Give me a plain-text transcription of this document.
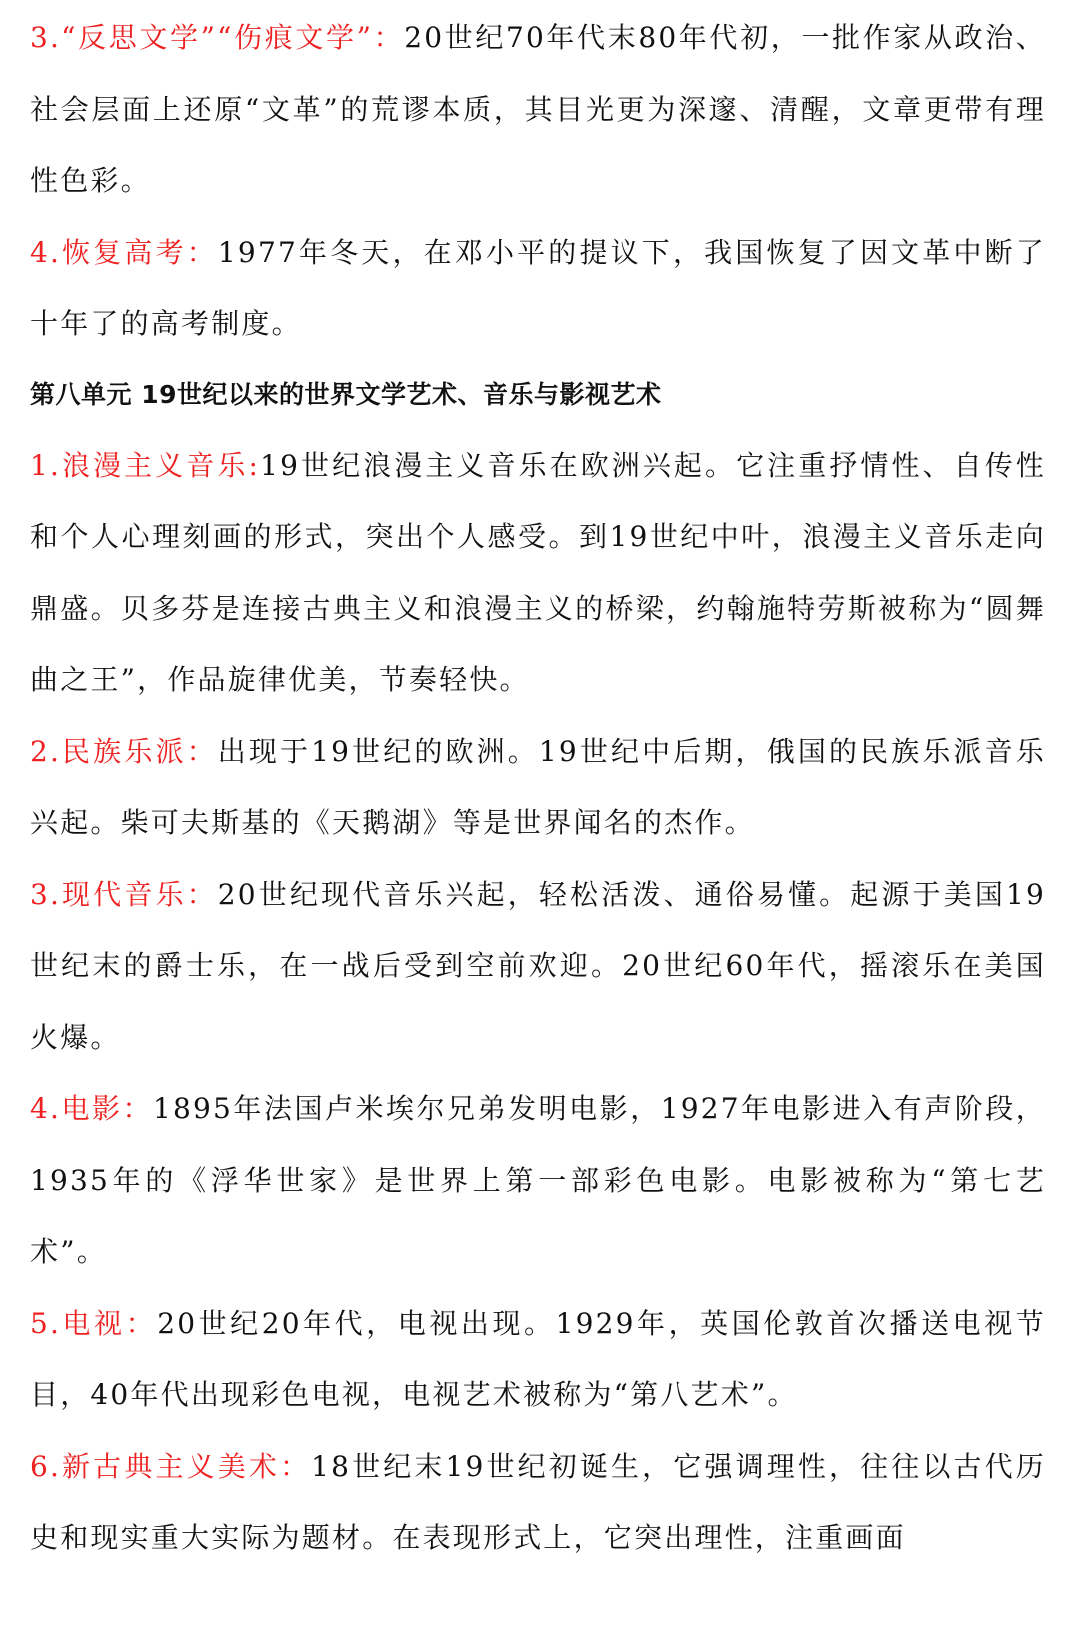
3.“反思文学”“伤痕文学”：20世纪70年代末80年代初，一批作家从政治、社会层面上还原“文革”的荒谬本质，其目光更为深邃、清醒，文章更带有理性色彩。

4.恢复高考：1977年冬天，在邓小平的提议下，我国恢复了因文革中断了十年了的高考制度。

第八单元 19世纪以来的世界文学艺术、音乐与影视艺术

1.浪漫主义音乐:19世纪浪漫主义音乐在欧洲兴起。它注重抒情性、自传性和个人心理刻画的形式，突出个人感受。到19世纪中叶，浪漫主义音乐走向鼎盛。贝多芬是连接古典主义和浪漫主义的桥梁，约翰施特劳斯被称为“圆舞曲之王”，作品旋律优美，节奏轻快。

2.民族乐派：出现于19世纪的欧洲。19世纪中后期，俄国的民族乐派音乐兴起。柴可夫斯基的《天鹅湖》等是世界闻名的杰作。

3.现代音乐：20世纪现代音乐兴起，轻松活泼、通俗易懂。起源于美国19世纪末的爵士乐，在一战后受到空前欢迎。20世纪60年代，摇滚乐在美国火爆。

4.电影：1895年法国卢米埃尔兄弟发明电影，1927年电影进入有声阶段，1935年的《浮华世家》是世界上第一部彩色电影。电影被称为“第七艺术”。

5.电视：20世纪20年代，电视出现。1929年，英国伦敦首次播送电视节目，40年代出现彩色电视，电视艺术被称为“第八艺术”。

6.新古典主义美术：18世纪末19世纪初诞生，它强调理性，往往以古代历史和现实重大实际为题材。在表现形式上，它突出理性，注重画面
